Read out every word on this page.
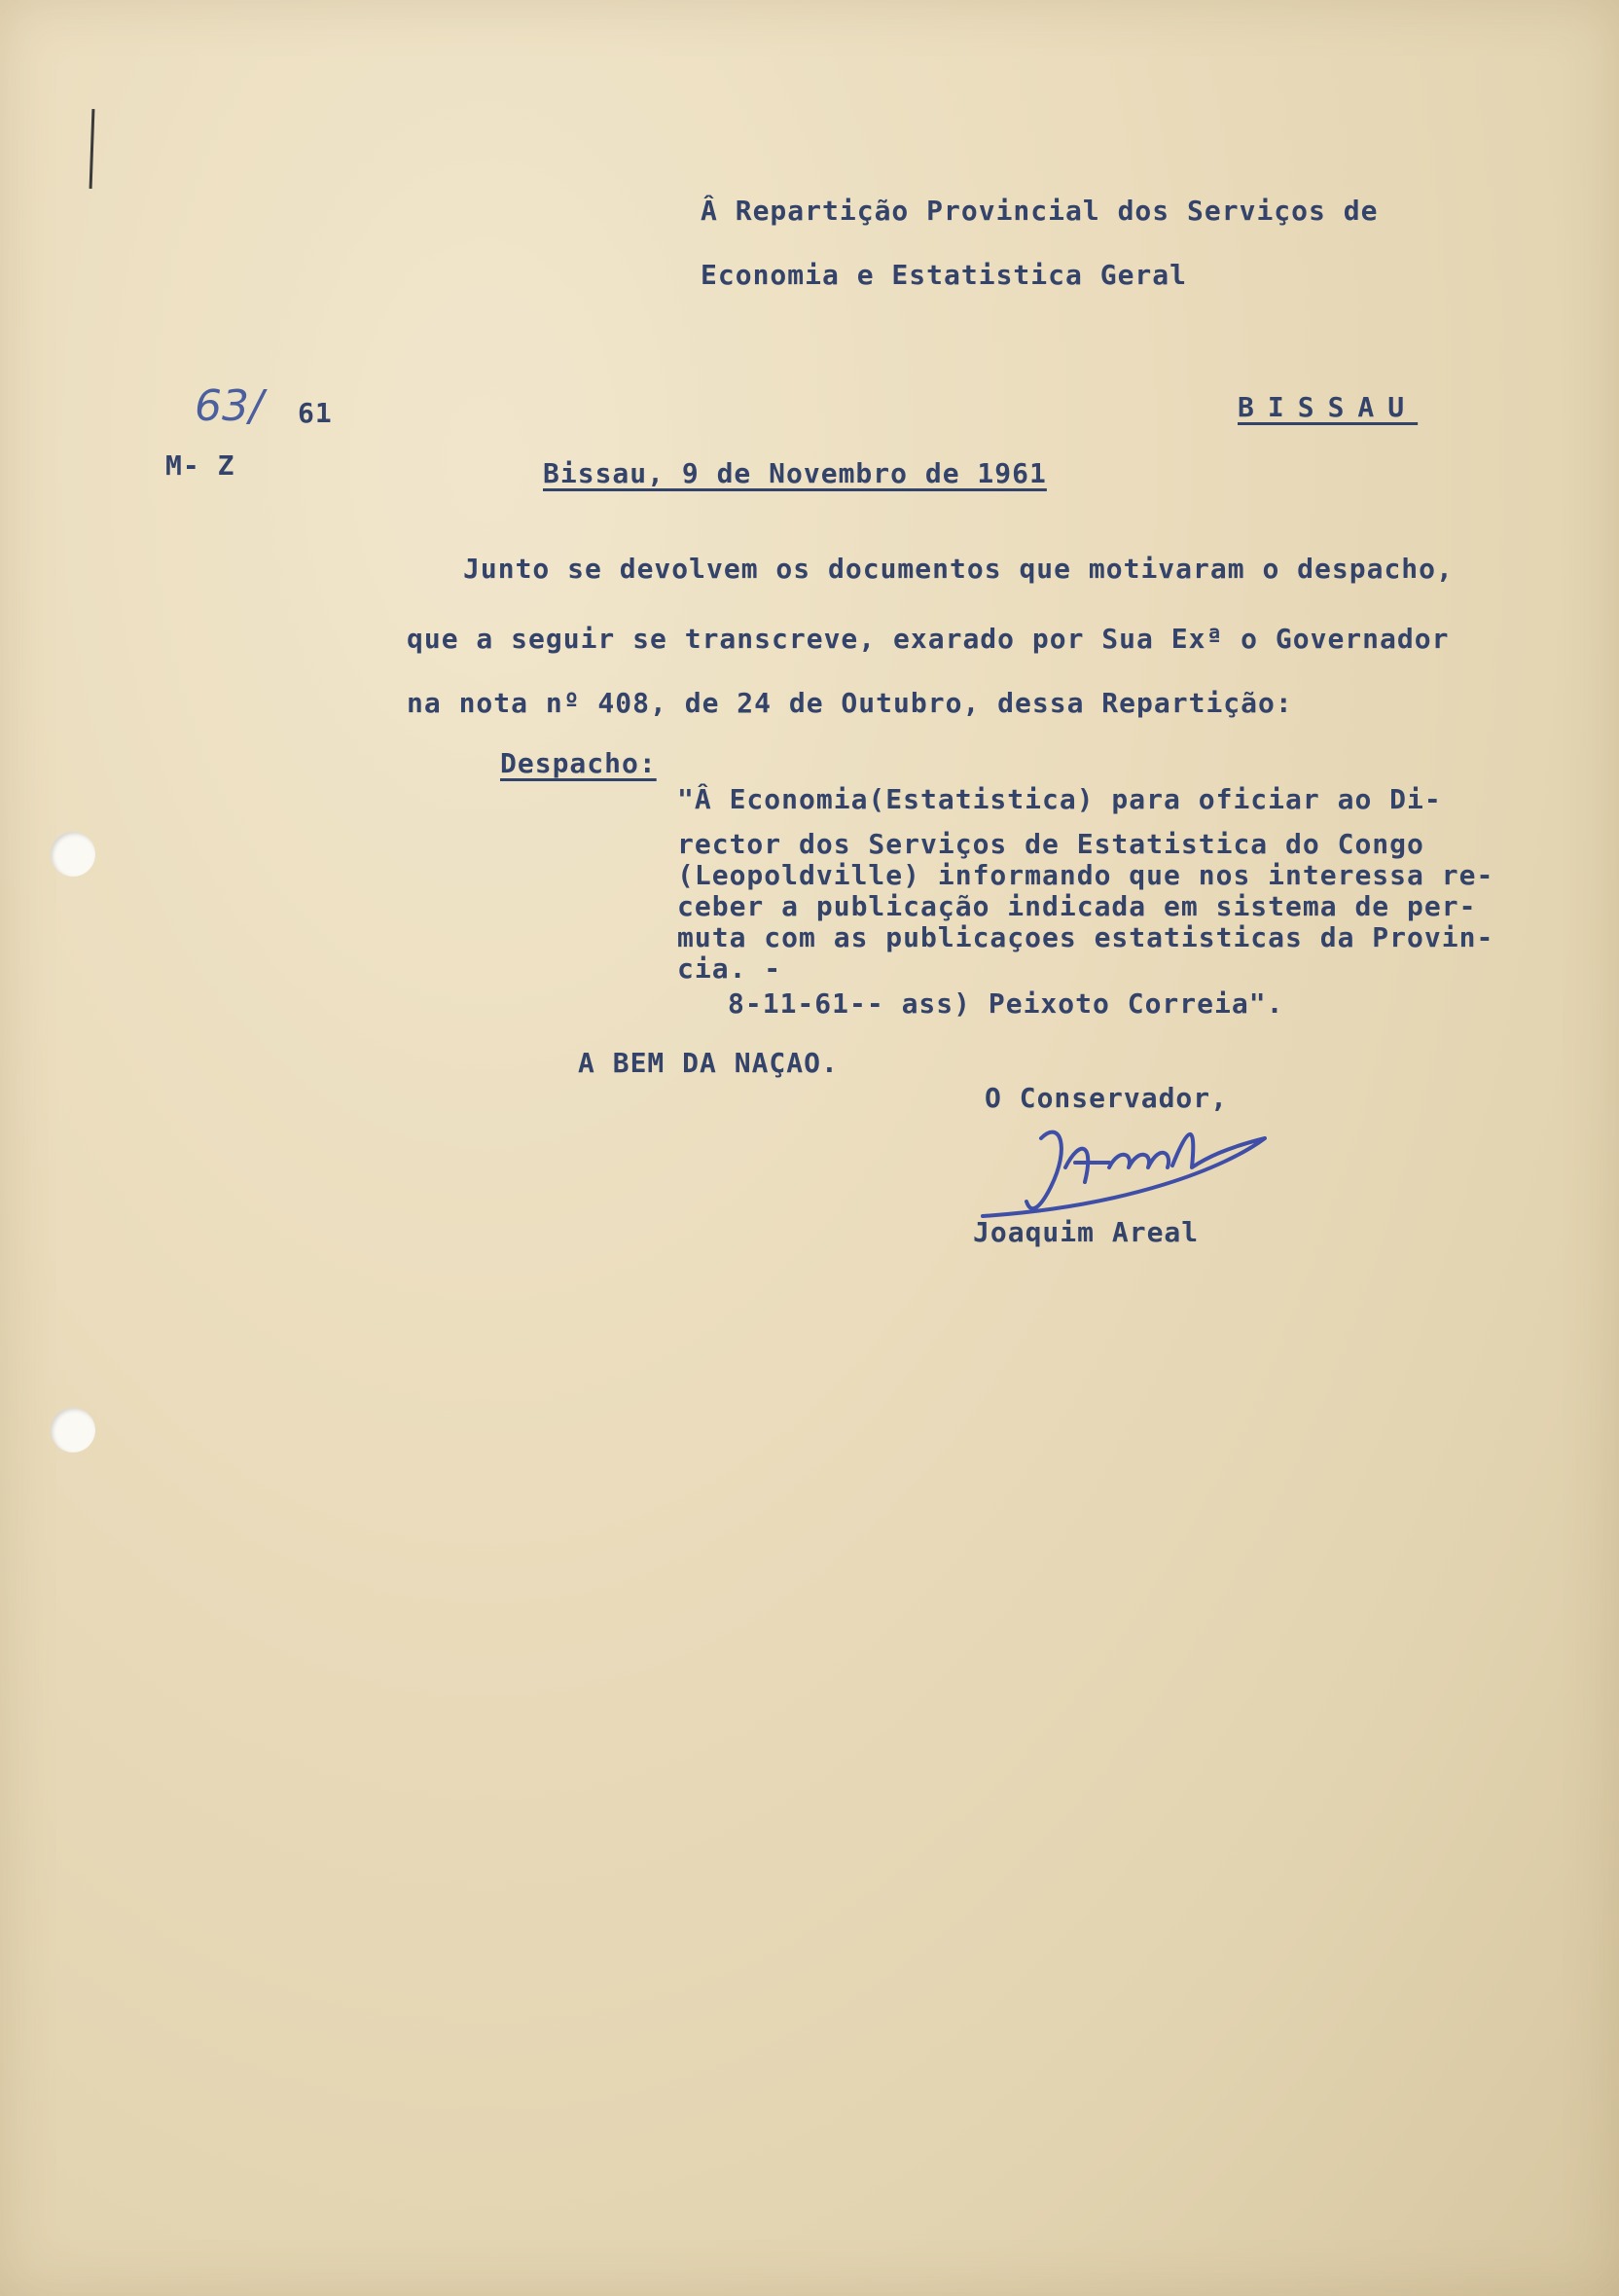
Â Repartição Provincial dos Serviços de
Economia e Estatistica Geral
BISSAU
63/ 61
M- Z	Bissau, 9 de Novembro de 1961
Junto se devolvem os documentos que motivaram o despacho,
que a seguir se transcreve, exarado por Sua Exª o Governador
na nota nº 408, de 24 de Outubro, dessa Repartição:
Despacho:
"Â Economia(Estatistica) para oficiar ao Di-
rector dos Serviços de Estatistica do Congo
(Leopoldville) informando que nos interessa re-
ceber a publicação indicada em sistema de per-
muta com as publicaçoes estatisticas da Provin-
cia. -
8-11-61-- ass) Peixoto Correia".
A BEM DA NAÇAO.
O Conservador,
Joaquim Areal
